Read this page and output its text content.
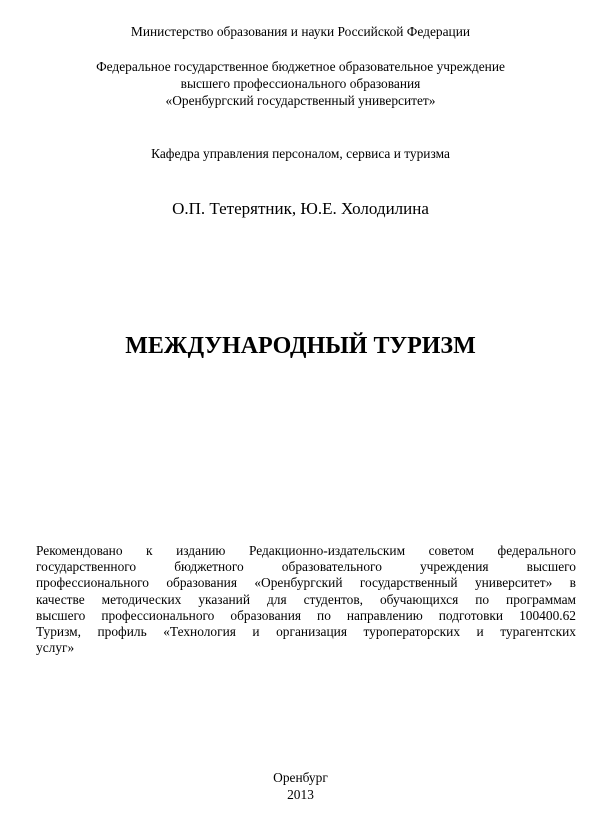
Министерство образования и науки Российской Федерации
Федеральное государственное бюджетное образовательное учреждение
высшего профессионального образования
«Оренбургский государственный университет»
Кафедра управления персоналом, сервиса и туризма
О.П. Тетерятник, Ю.Е. Холодилина
МЕЖДУНАРОДНЫЙ ТУРИЗМ
Рекомендовано к изданию Редакционно-издательским советом федерального
государственного бюджетного образовательного учреждения высшего
профессионального образования «Оренбургский государственный университет» в
качестве методических указаний для студентов, обучающихся по программам
высшего профессионального образования по направлению подготовки 100400.62
Туризм, профиль «Технология и организация туроператорских и турагентских
услуг»
Оренбург
2013
